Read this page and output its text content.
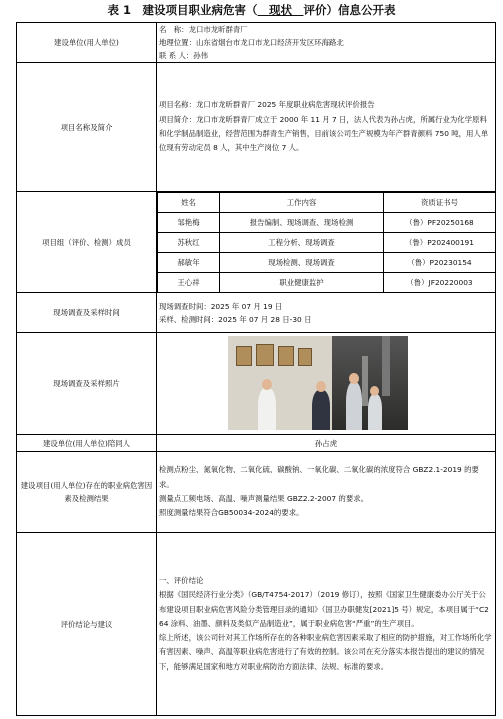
表 1　建设项目职业病危害（　 现状　 评价）信息公开表
建设单位(用人单位)	
名　称：龙口市龙昕群青厂
地理位置：山东省烟台市龙口市龙口经济开发区环海路北
联 系 人：孙伟

项目名称及简介	
项目名称：龙口市龙昕群青厂 2025 年度职业病危害现状评价报告
项目简介：龙口市龙昕群青厂成立于 2000 年 11 月 7 日，法人代表为孙占虎，所属行业为化学原料和化学制品制造业，经营范围为群青生产销售，目前该公司生产规模为年产群青颜料 750 吨，用人单位现有劳动定员 8 人，其中生产岗位 7 人。

项目组（评价、检测）成员	
姓名	工作内容	资质证书号
邹艳梅	报告编制、现场调查、现场检测	（鲁）PF20250168
苏秋红	工程分析、现场调查	（鲁）P202400191
郝敏年	现场检测、现场调查	（鲁）P20230154
王心祥	职业健康监护	（鲁）JF20220003

现场调查及采样时间	
现场调查时间：2025 年 07 月 19 日
采样、检测时间：2025 年 07 月 28 日-30 日

现场调查及采样照片	

建设单位(用人单位)陪同人	孙占虎
建设项目(用人单位)存在的职业病危害因素及检测结果	
检测点粉尘、氮氧化物、二氧化硫、碳酸钠、一氧化碳、二氧化碳的浓度符合 GBZ2.1-2019 的要求。
测量点工频电场、高温、噪声测量结果 GBZ2.2-2007 的要求。
照度测量结果符合GB50034-2024的要求。

评价结论与建议	
一、评价结论
根据《国民经济行业分类》（GB/T4754-2017）（2019 修订），按照《国家卫生健康委办公厅关于公布建设项目职业病危害风险分类管理目录的通知》（国卫办职健发[2021]5 号）规定，本项目属于“C264 涂料、油墨、颜料及类似产品制造业”，属于职业病危害“严重”的生产项目。
综上所述，该公司针对其工作场所存在的各种职业病危害因素采取了相应的防护措施，对工作场所化学有害因素、噪声、高温等职业病危害进行了有效的控制。该公司在充分落实本报告提出的建议的情况下，能够满足国家和地方对职业病防治方面法律、法规、标准的要求。
